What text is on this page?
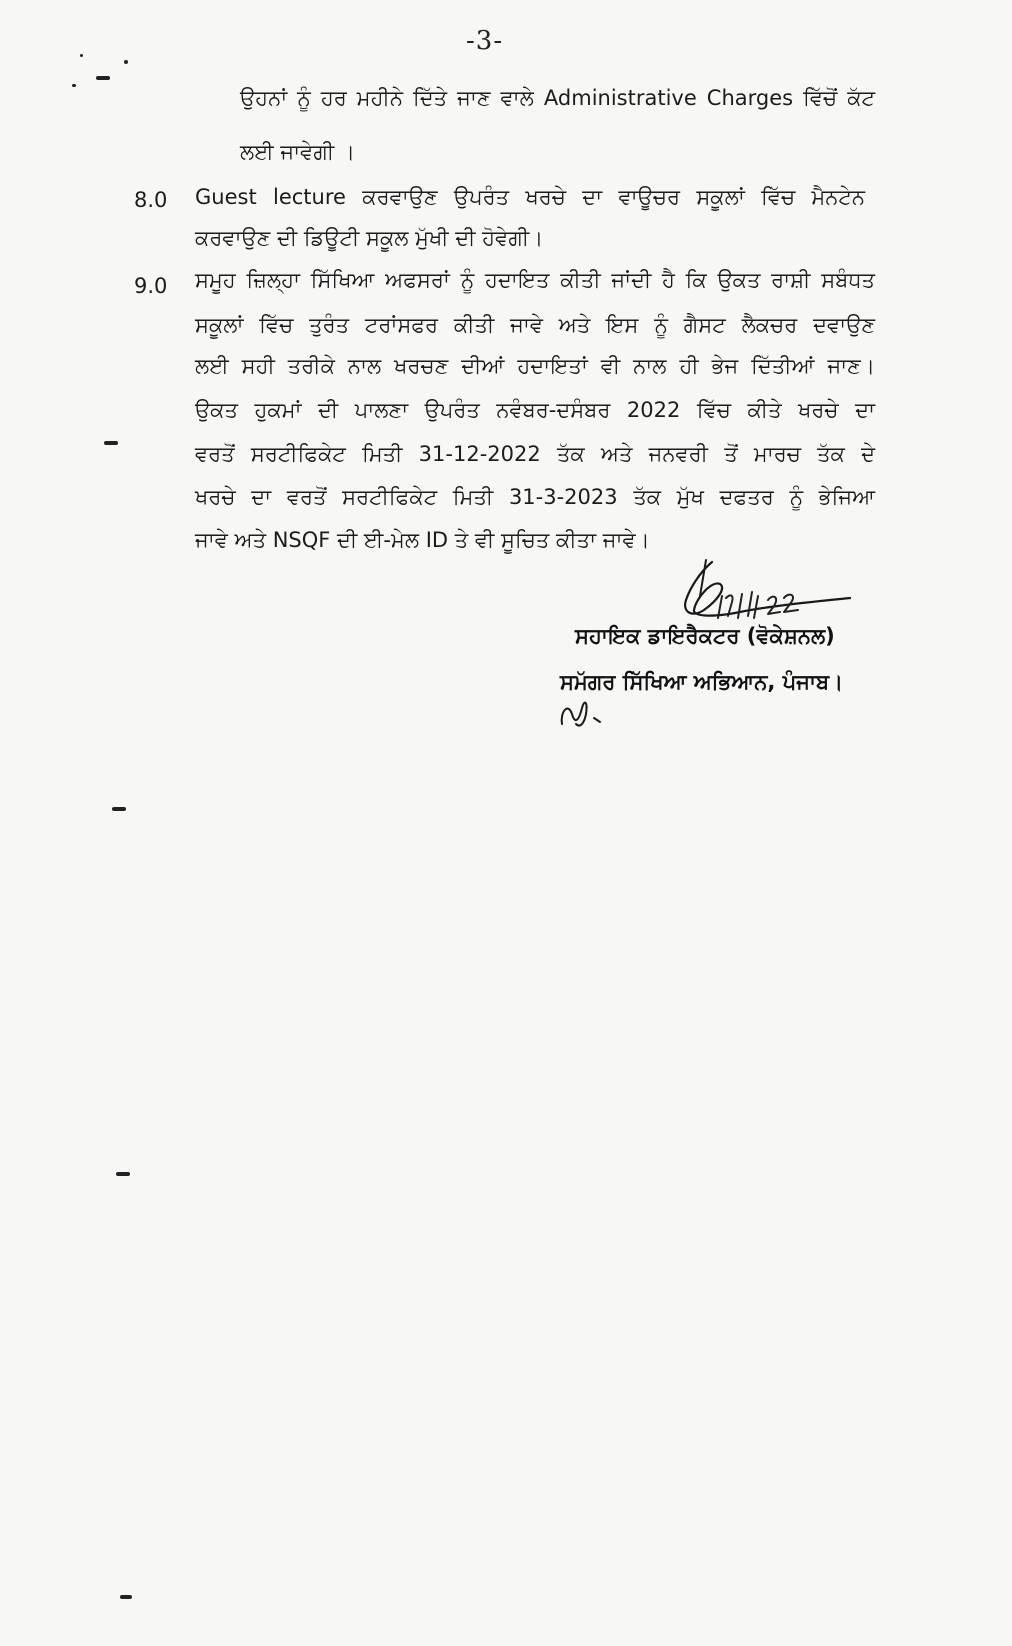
-3-
ਉਹਨਾਂ ਨੂੰ ਹਰ ਮਹੀਨੇ ਦਿੱਤੇ ਜਾਣ ਵਾਲੇ Administrative Charges ਵਿੱਚੋਂ ਕੱਟ
ਲਈ ਜਾਵੇਗੀ ।
8.0 Guest lecture ਕਰਵਾਉਣ ਉਪਰੰਤ ਖਰਚੇ ਦਾ ਵਾਊਚਰ ਸਕੂਲਾਂ ਵਿੱਚ ਮੈਨਟੇਨ
ਕਰਵਾਉਣ ਦੀ ਡਿਊਟੀ ਸਕੂਲ ਮੁੱਖੀ ਦੀ ਹੋਵੇਗੀ।
9.0 ਸਮੂਹ ਜ਼ਿਲ੍ਹਾ ਸਿੱਖਿਆ ਅਫਸਰਾਂ ਨੂੰ ਹਦਾਇਤ ਕੀਤੀ ਜਾਂਦੀ ਹੈ ਕਿ ਉਕਤ ਰਾਸ਼ੀ ਸਬੰਧਤ
ਸਕੂਲਾਂ ਵਿੱਚ ਤੁਰੰਤ ਟਰਾਂਸਫਰ ਕੀਤੀ ਜਾਵੇ ਅਤੇ ਇਸ ਨੂੰ ਗੈਸਟ ਲੈਕਚਰ ਦਵਾਉਣ
ਲਈ ਸਹੀ ਤਰੀਕੇ ਨਾਲ ਖਰਚਣ ਦੀਆਂ ਹਦਾਇਤਾਂ ਵੀ ਨਾਲ ਹੀ ਭੇਜ ਦਿੱਤੀਆਂ ਜਾਣ।
ਉਕਤ ਹੁਕਮਾਂ ਦੀ ਪਾਲਣਾ ਉਪਰੰਤ ਨਵੰਬਰ-ਦਸੰਬਰ 2022 ਵਿੱਚ ਕੀਤੇ ਖਰਚੇ ਦਾ
ਵਰਤੋਂ ਸਰਟੀਫਿਕੇਟ ਮਿਤੀ 31-12-2022 ਤੱਕ ਅਤੇ ਜਨਵਰੀ ਤੋਂ ਮਾਰਚ ਤੱਕ ਦੇ
ਖਰਚੇ ਦਾ ਵਰਤੋਂ ਸਰਟੀਫਿਕੇਟ ਮਿਤੀ 31-3-2023 ਤੱਕ ਮੁੱਖ ਦਫਤਰ ਨੂੰ ਭੇਜਿਆ
ਜਾਵੇ ਅਤੇ NSQF ਦੀ ਈ-ਮੇਲ ID ਤੇ ਵੀ ਸੂਚਿਤ ਕੀਤਾ ਜਾਵੇ।
ਸਹਾਇਕ ਡਾਇਰੈਕਟਰ (ਵੋਕੇਸ਼ਨਲ)
ਸਮੱਗਰ ਸਿੱਖਿਆ ਅਭਿਆਨ, ਪੰਜਾਬ।
